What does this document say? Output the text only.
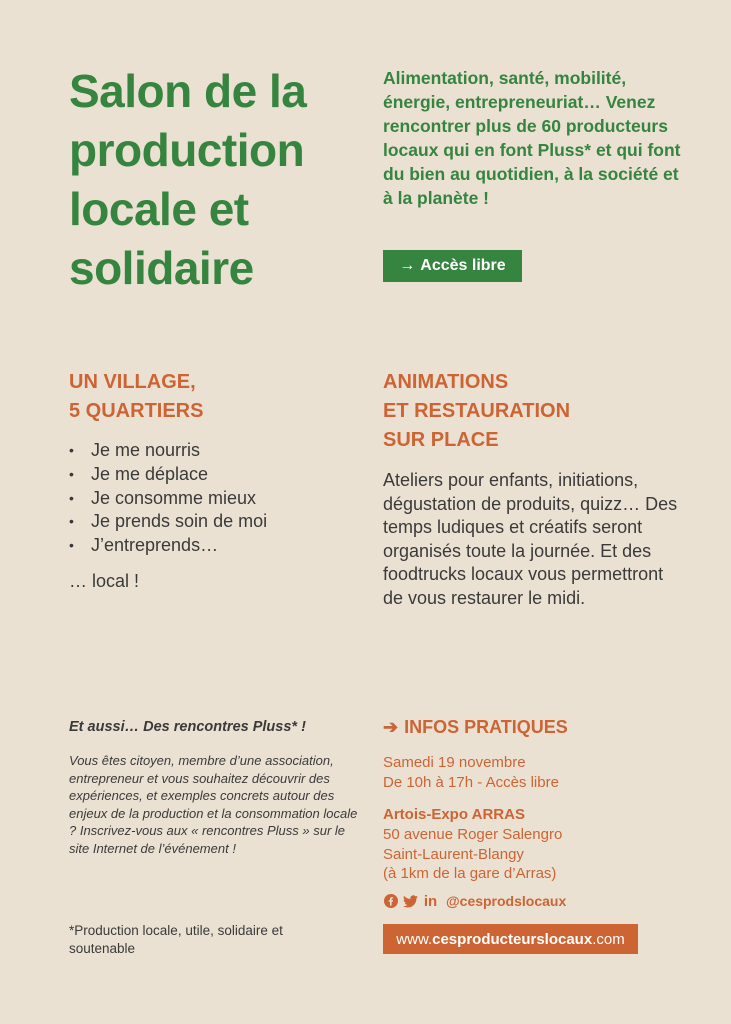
Salon de la production locale et solidaire
Alimentation, santé, mobilité, énergie, entrepreneuriat… Venez rencontrer plus de 60 producteurs locaux qui en font Pluss* et qui font du bien au quotidien, à la société et à la planète !
→ Accès libre
UN VILLAGE,
5 QUARTIERS
• Je me nourris
• Je me déplace
• Je consomme mieux
• Je prends soin de moi
• J’entreprends…
… local !
ANIMATIONS
ET RESTAURATION
SUR PLACE
Ateliers pour enfants, initiations, dégustation de produits, quizz… Des temps ludiques et créatifs seront organisés toute la journée. Et des foodtrucks locaux vous permettront de vous restaurer le midi.
Et aussi… Des rencontres Pluss* !
Vous êtes citoyen, membre d’une association, entrepreneur et vous souhaitez découvrir des expériences, et exemples concrets autour des enjeux de la production et la consommation locale ? Inscrivez-vous aux « rencontres Pluss » sur le site Internet de l’événement !
➔ INFOS PRATIQUES
Samedi 19 novembre
De 10h à 17h - Accès libre
Artois-Expo ARRAS
50 avenue Roger Salengro
Saint-Laurent-Blangy
(à 1km de la gare d’Arras)
in @cesprodslocaux
www. cesproducteurslocaux .com
*Production locale, utile, solidaire et soutenable
